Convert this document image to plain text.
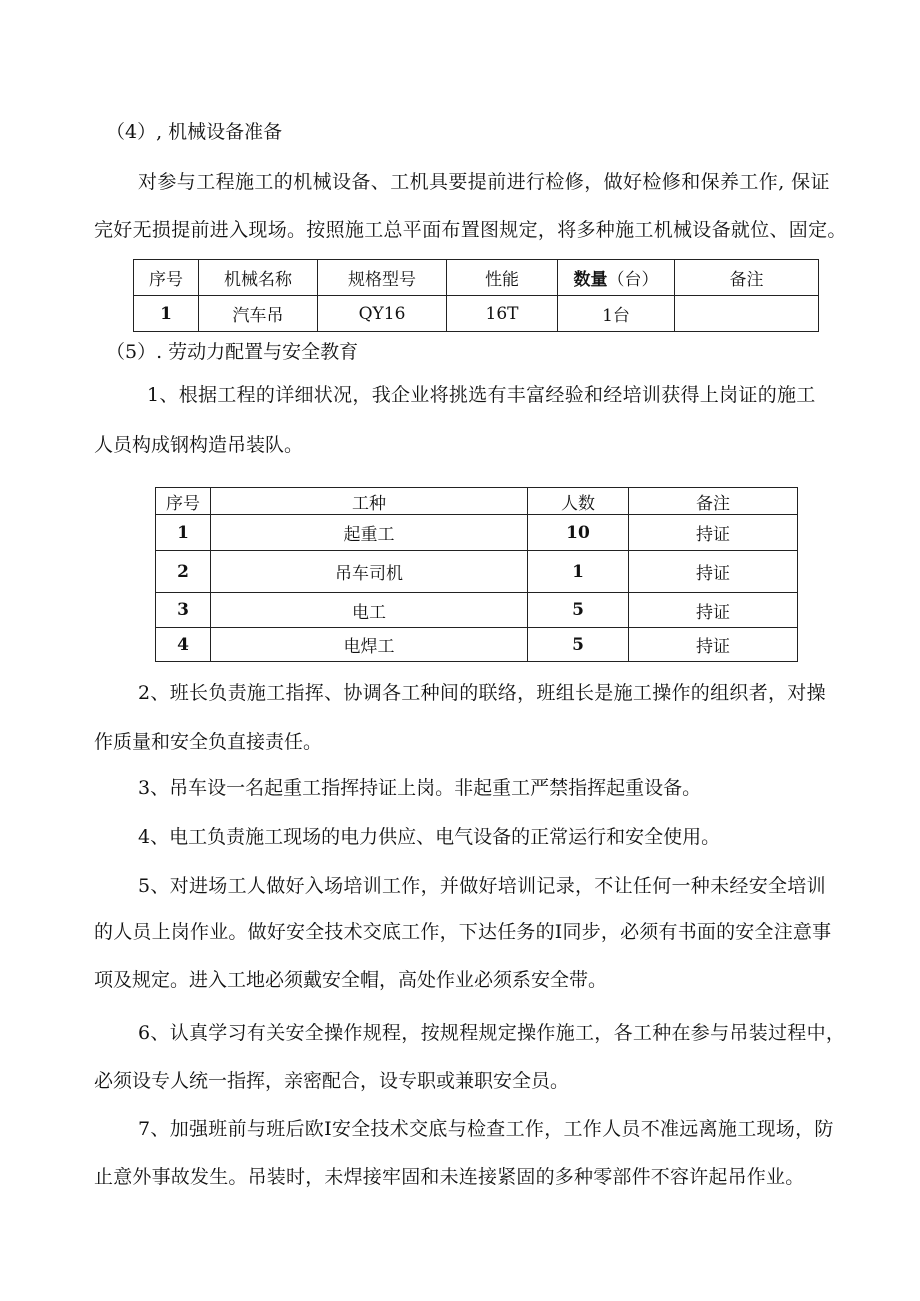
（4）, 机械设备准备
对参与工程施工的机械设备、工机具要提前进行检修，做好检修和保养工作, 保证
完好无损提前进入现场。按照施工总平面布置图规定，将多种施工机械设备就位、固定。
序号	机械名称	规格型号	性能	数量（台）	备注
1	汽车吊	QY16	16T	1台	
（5）. 劳动力配置与安全教育
1、根据工程的详细状况，我企业将挑选有丰富经验和经培训获得上岗证的施工
人员构成钢构造吊装队。
序号	工种	人数	备注
1	起重工	10	持证
2	吊车司机	1	持证
3	电工	5	持证
4	电焊工	5	持证
2、班长负责施工指挥、协调各工种间的联络，班组长是施工操作的组织者，对操
作质量和安全负直接责任。
3、吊车设一名起重工指挥持证上岗。非起重工严禁指挥起重设备。
4、电工负责施工现场的电力供应、电气设备的正常运行和安全使用。
5、对进场工人做好入场培训工作，并做好培训记录，不让任何一种未经安全培训
的人员上岗作业。做好安全技术交底工作，下达任务的I同步，必须有书面的安全注意事
项及规定。进入工地必须戴安全帽，高处作业必须系安全带。
6、认真学习有关安全操作规程，按规程规定操作施工，各工种在参与吊装过程中，
必须设专人统一指挥，亲密配合，设专职或兼职安全员。
7、加强班前与班后欧I安全技术交底与检查工作，工作人员不准远离施工现场，防
止意外事故发生。吊装时，未焊接牢固和未连接紧固的多种零部件不容许起吊作业。
